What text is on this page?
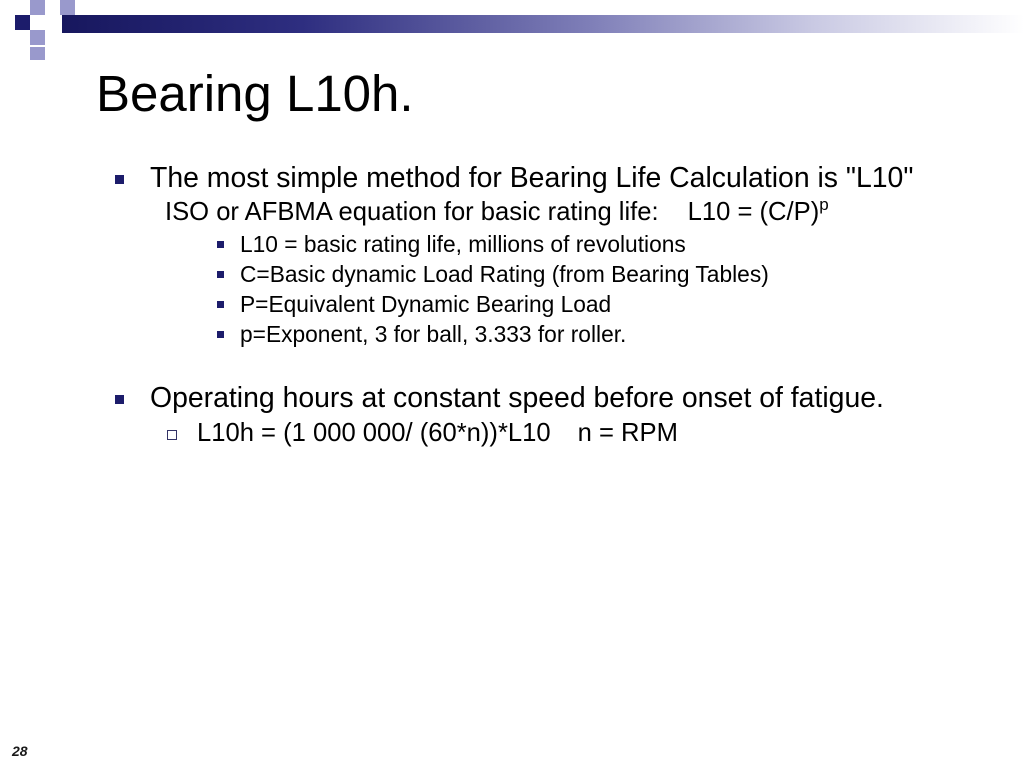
Bearing L10h.
The most simple method for Bearing Life Calculation is "L10"
ISO or AFBMA equation for basic rating life: $L10 = (C/P)^p$
L10 = basic rating life, millions of revolutions
C=Basic dynamic Load Rating (from Bearing Tables)
P=Equivalent Dynamic Bearing Load
p=Exponent, 3 for ball, 3.333 for roller.
Operating hours at constant speed before onset of fatigue.
L10h = (1 000 000/ (60*n))*L10 n = RPM
28
